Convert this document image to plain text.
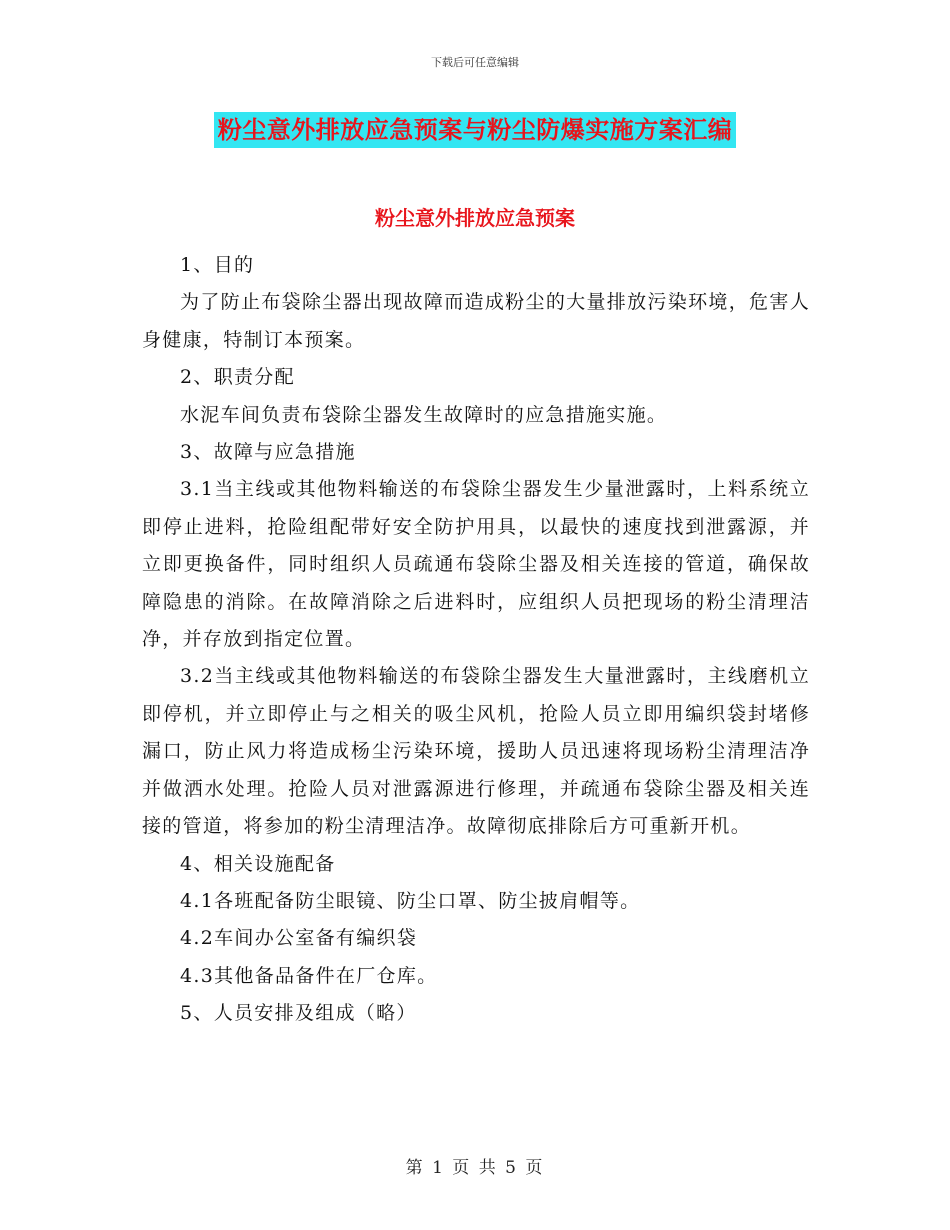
下载后可任意编辑
粉尘意外排放应急预案与粉尘防爆实施方案汇编
粉尘意外排放应急预案

1、目的

为了防止布袋除尘器出现故障而造成粉尘的大量排放污染环境，危害人身健康，特制订本预案。

2、职责分配

水泥车间负责布袋除尘器发生故障时的应急措施实施。

3、故障与应急措施

3.1当主线或其他物料输送的布袋除尘器发生少量泄露时，上料系统立即停止进料，抢险组配带好安全防护用具，以最快的速度找到泄露源，并立即更换备件，同时组织人员疏通布袋除尘器及相关连接的管道，确保故障隐患的消除。在故障消除之后进料时，应组织人员把现场的粉尘清理洁净，并存放到指定位置。

3.2当主线或其他物料输送的布袋除尘器发生大量泄露时，主线磨机立即停机，并立即停止与之相关的吸尘风机，抢险人员立即用编织袋封堵修漏口，防止风力将造成杨尘污染环境，援助人员迅速将现场粉尘清理洁净并做洒水处理。抢险人员对泄露源进行修理，并疏通布袋除尘器及相关连接的管道，将参加的粉尘清理洁净。故障彻底排除后方可重新开机。

4、相关设施配备

4.1各班配备防尘眼镜、防尘口罩、防尘披肩帽等。

4.2车间办公室备有编织袋

4.3其他备品备件在厂仓库。

5、人员安排及组成（略）

第 1 页 共 5 页
